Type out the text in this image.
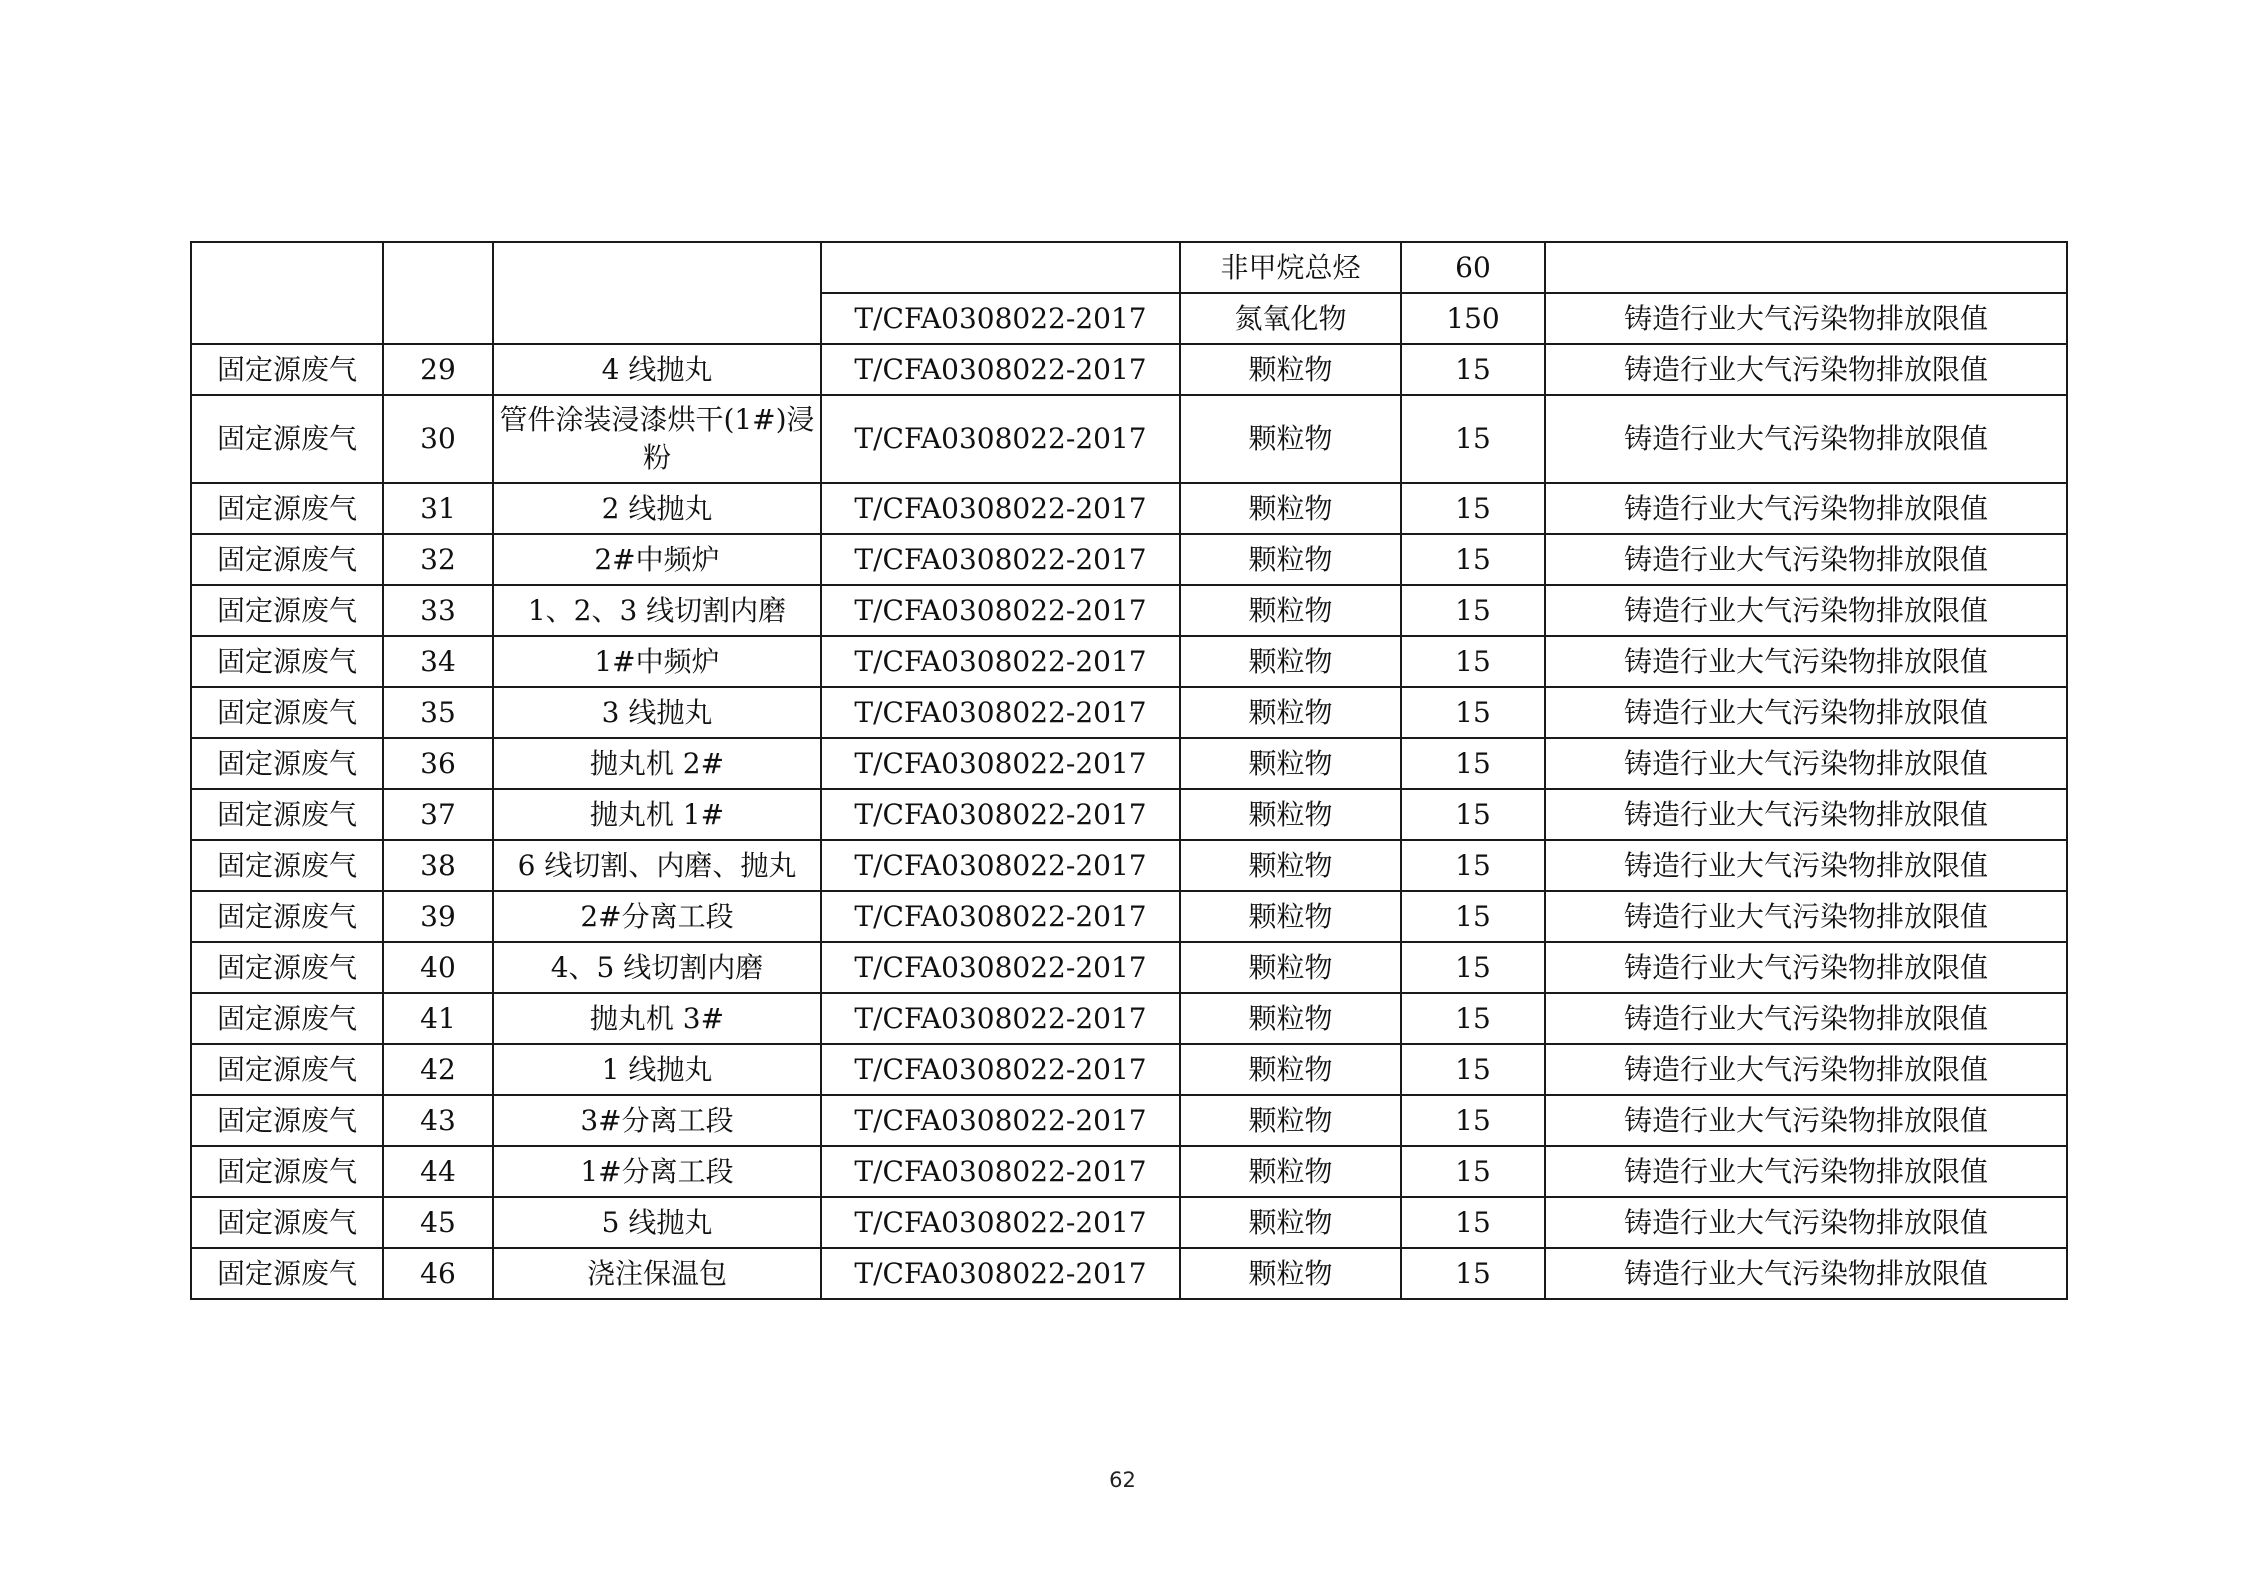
				非甲烷总烃	60	
			T/CFA0308022-2017	氮氧化物	150	铸造行业大气污染物排放限值
固定源废气	29	4 线抛丸	T/CFA0308022-2017	颗粒物	15	铸造行业大气污染物排放限值
固定源废气	30	管件涂装浸漆烘干(1#)浸粉	T/CFA0308022-2017	颗粒物	15	铸造行业大气污染物排放限值
固定源废气	31	2 线抛丸	T/CFA0308022-2017	颗粒物	15	铸造行业大气污染物排放限值
固定源废气	32	2#中频炉	T/CFA0308022-2017	颗粒物	15	铸造行业大气污染物排放限值
固定源废气	33	1、2、3 线切割内磨	T/CFA0308022-2017	颗粒物	15	铸造行业大气污染物排放限值
固定源废气	34	1#中频炉	T/CFA0308022-2017	颗粒物	15	铸造行业大气污染物排放限值
固定源废气	35	3 线抛丸	T/CFA0308022-2017	颗粒物	15	铸造行业大气污染物排放限值
固定源废气	36	抛丸机 2#	T/CFA0308022-2017	颗粒物	15	铸造行业大气污染物排放限值
固定源废气	37	抛丸机 1#	T/CFA0308022-2017	颗粒物	15	铸造行业大气污染物排放限值
固定源废气	38	6 线切割、内磨、抛丸	T/CFA0308022-2017	颗粒物	15	铸造行业大气污染物排放限值
固定源废气	39	2#分离工段	T/CFA0308022-2017	颗粒物	15	铸造行业大气污染物排放限值
固定源废气	40	4、5 线切割内磨	T/CFA0308022-2017	颗粒物	15	铸造行业大气污染物排放限值
固定源废气	41	抛丸机 3#	T/CFA0308022-2017	颗粒物	15	铸造行业大气污染物排放限值
固定源废气	42	1 线抛丸	T/CFA0308022-2017	颗粒物	15	铸造行业大气污染物排放限值
固定源废气	43	3#分离工段	T/CFA0308022-2017	颗粒物	15	铸造行业大气污染物排放限值
固定源废气	44	1#分离工段	T/CFA0308022-2017	颗粒物	15	铸造行业大气污染物排放限值
固定源废气	45	5 线抛丸	T/CFA0308022-2017	颗粒物	15	铸造行业大气污染物排放限值
固定源废气	46	浇注保温包	T/CFA0308022-2017	颗粒物	15	铸造行业大气污染物排放限值
62
